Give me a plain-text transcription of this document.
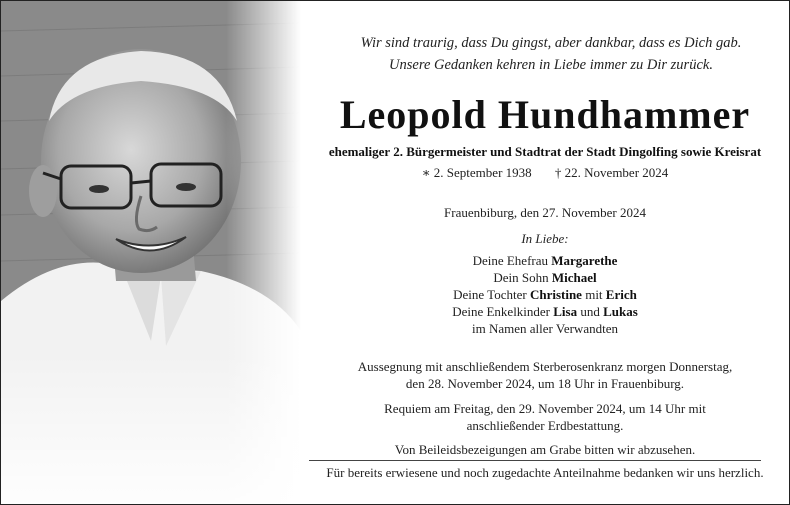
Wir sind traurig, dass Du gingst, aber dankbar, dass es Dich gab.
Unsere Gedanken kehren in Liebe immer zu Dir zurück.
Leopold Hundhammer
ehemaliger 2. Bürgermeister und Stadtrat der Stadt Dingolfing sowie Kreisrat
∗ 2. September 1938 † 22. November 2024
Frauenbiburg, den 27. November 2024
In Liebe:
Deine Ehefrau Margarethe
Dein Sohn Michael
Deine Tochter Christine mit Erich
Deine Enkelkinder Lisa und Lukas
im Namen aller Verwandten
Aussegnung mit anschließendem Sterberosenkranz morgen Donnerstag,
den 28. November 2024, um 18 Uhr in Frauenbiburg.
Requiem am Freitag, den 29. November 2024, um 14 Uhr mit
anschließender Erdbestattung.
Von Beileidsbezeigungen am Grabe bitten wir abzusehen.
Für bereits erwiesene und noch zugedachte Anteilnahme bedanken wir uns herzlich.
